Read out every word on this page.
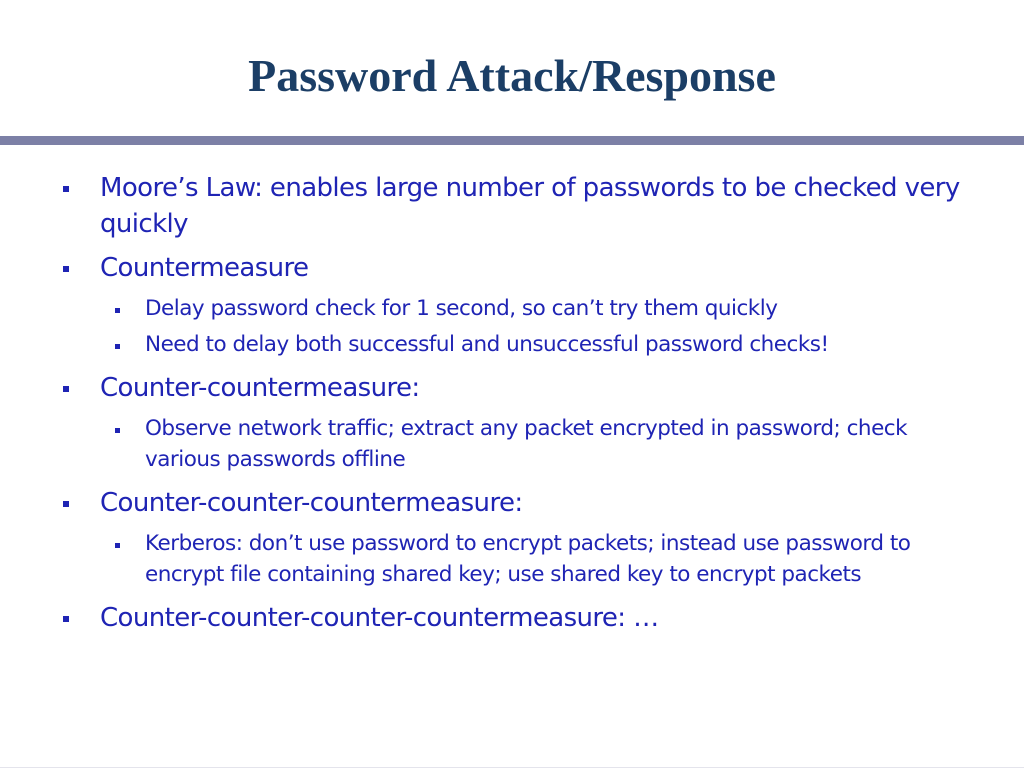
Password Attack/Response
Moore’s Law: enables large number of passwords to be checked very quickly
Countermeasure
Delay password check for 1 second, so can’t try them quickly
Need to delay both successful and unsuccessful password checks!
Counter-countermeasure:
Observe network traffic; extract any packet encrypted in password; check various passwords offline
Counter-counter-countermeasure:
Kerberos: don’t use password to encrypt packets; instead use password to encrypt file containing shared key; use shared key to encrypt packets
Counter-counter-counter-countermeasure: …
